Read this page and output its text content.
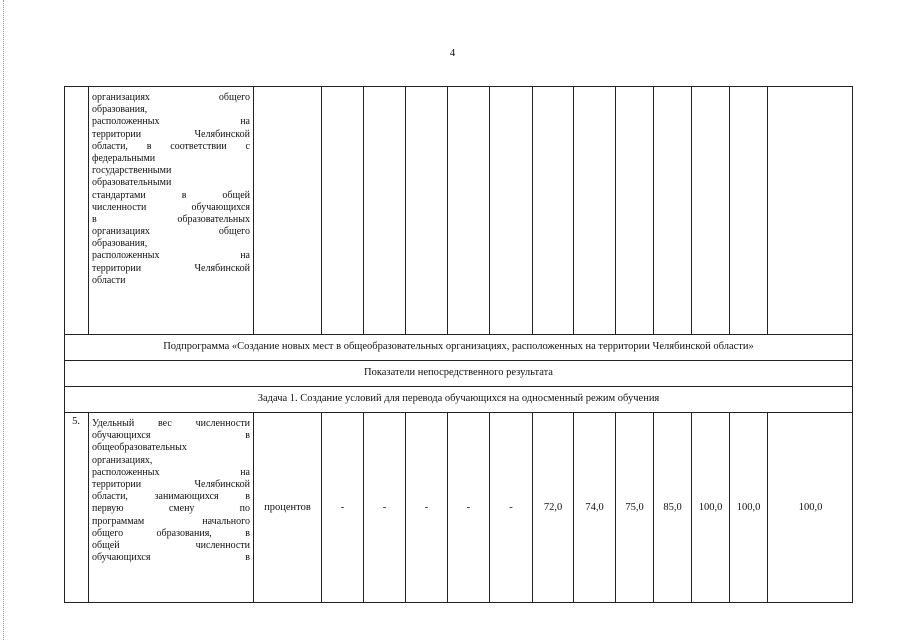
4
организациях общего
образования,
расположенных на
территории Челябинской
области, в соответствии с
федеральными
государственными
образовательными
стандартами в общей
численности обучающихся
в образовательных
организациях общего
образования,
расположенных на
территории Челябинской
области
Подпрограмма «Создание новых мест в общеобразовательных организациях, расположенных на территории Челябинской области»
Показатели непосредственного результата
Задача 1. Создание условий для перевода обучающихся на односменный режим обучения
5.	Удельный вес численности
обучающихся в
общеобразовательных
организациях,
расположенных на
территории Челябинской
области, занимающихся в
первую смену по
программам начального
общего образования, в
общей численности
обучающихся в
процентов	-	-	-	-	-	72,0	74,0	75,0	85,0	100,0	100,0	100,0
